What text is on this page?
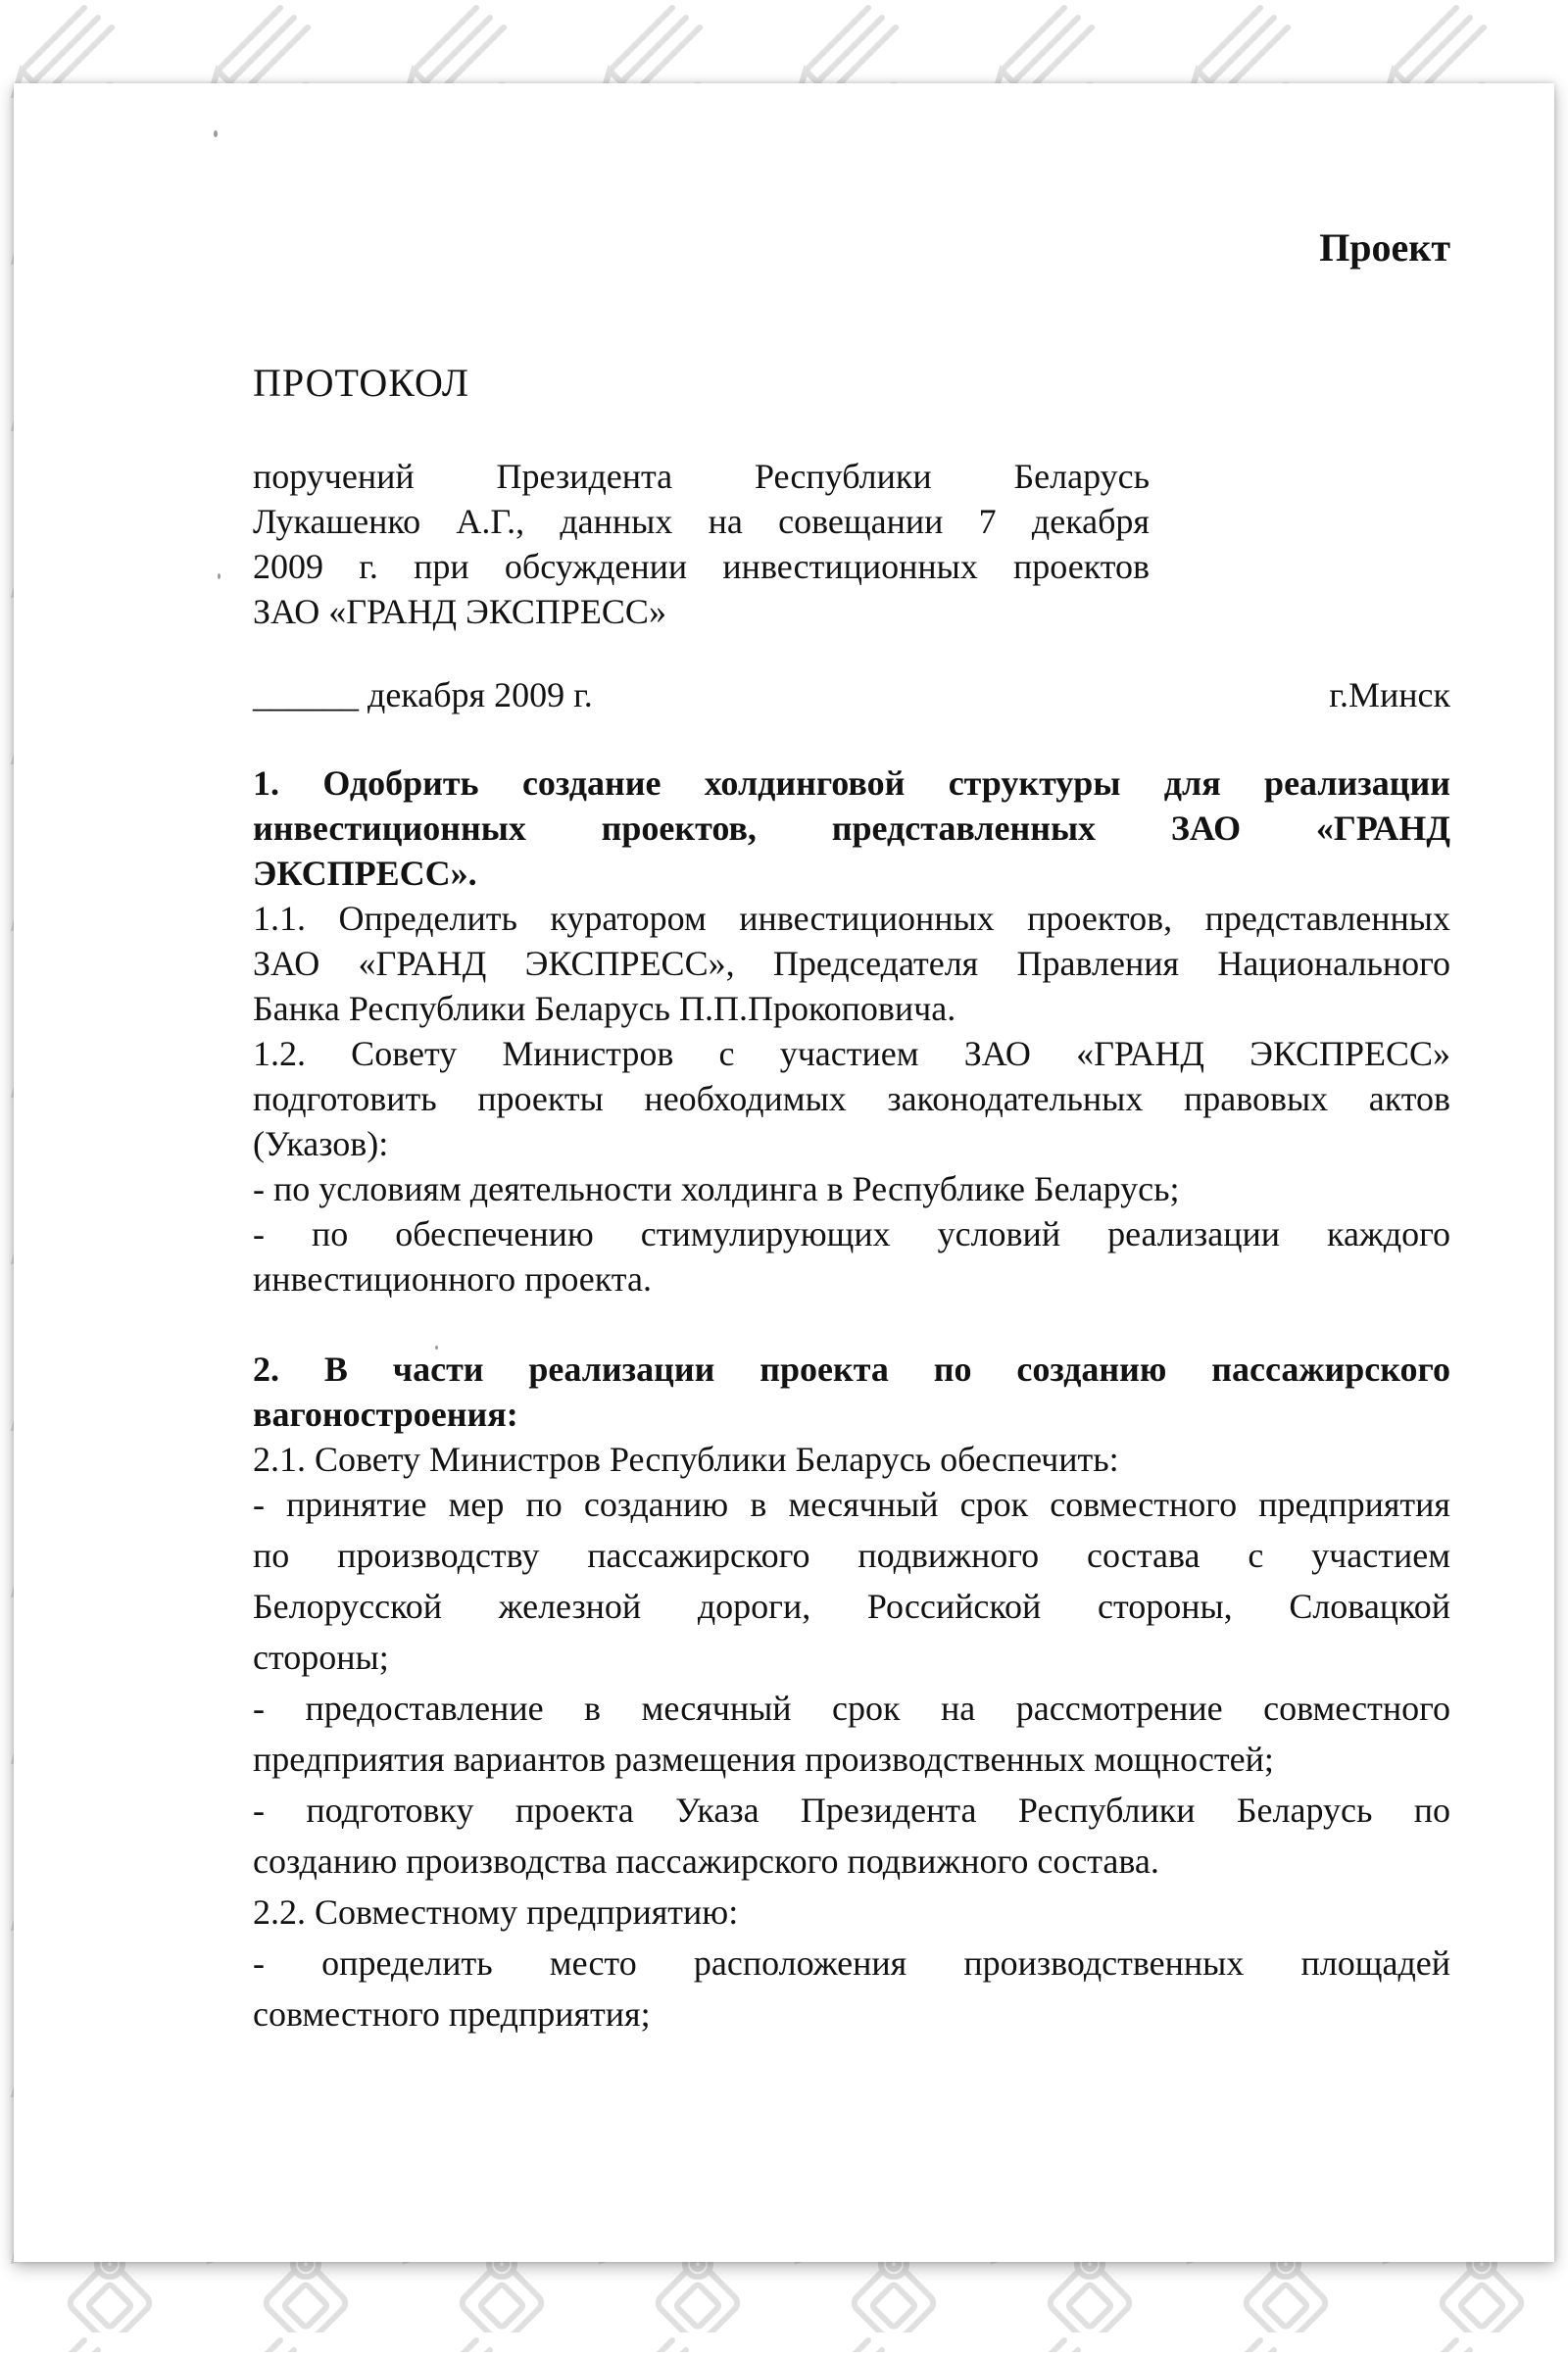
Проект
ПРОТОКОЛ
поручений Президента Республики Беларусь
Лукашенко А.Г., данных на совещании 7 декабря
2009 г. при обсуждении инвестиционных проектов
ЗАО «ГРАНД ЭКСПРЕСС»
______ декабря 2009 г.	г.Минск
1. Одобрить создание холдинговой структуры для реализации
инвестиционных проектов, представленных ЗАО «ГРАНД
ЭКСПРЕСС».
1.1. Определить куратором инвестиционных проектов, представленных
ЗАО «ГРАНД ЭКСПРЕСС», Председателя Правления Национального
Банка Республики Беларусь П.П.Прокоповича.
1.2. Совету Министров с участием ЗАО «ГРАНД ЭКСПРЕСС»
подготовить проекты необходимых законодательных правовых актов
(Указов):
- по условиям деятельности холдинга в Республике Беларусь;
- по обеспечению стимулирующих условий реализации каждого
инвестиционного проекта.
2. В части реализации проекта по созданию пассажирского
вагоностроения:
2.1. Совету Министров Республики Беларусь обеспечить:
- принятие мер по созданию в месячный срок совместного предприятия
по производству пассажирского подвижного состава с участием
Белорусской железной дороги, Российской стороны, Словацкой
стороны;
- предоставление в месячный срок на рассмотрение совместного
предприятия вариантов размещения производственных мощностей;
- подготовку проекта Указа Президента Республики Беларусь по
созданию производства пассажирского подвижного состава.
2.2. Совместному предприятию:
- определить место расположения производственных площадей
совместного предприятия;
